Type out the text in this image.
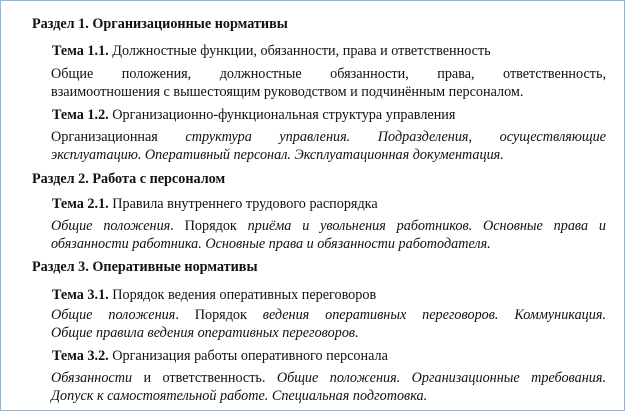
Раздел 1. Организационные нормативы
Тема 1.1. Должностные функции, обязанности, права и ответственность
Общие положения, должностные обязанности, права, ответственность,
взаимоотношения с вышестоящим руководством и подчинённым персоналом.
Тема 1.2. Организационно-функциональная структура управления
Организационная структура управления. Подразделения, осуществляющие
эксплуатацию. Оперативный персонал. Эксплуатационная документация.
Раздел 2. Работа с персоналом
Тема 2.1. Правила внутреннего трудового распорядка
Общие положения. Порядок приёма и увольнения работников. Основные права и
обязанности работника. Основные права и обязанности работодателя.
Раздел 3. Оперативные нормативы
Тема 3.1. Порядок ведения оперативных переговоров
Общие положения. Порядок ведения оперативных переговоров. Коммуникация.
Общие правила ведения оперативных переговоров.
Тема 3.2. Организация работы оперативного персонала
Обязанности и ответственность. Общие положения. Организационные требования.
Допуск к самостоятельной работе. Специальная подготовка.
